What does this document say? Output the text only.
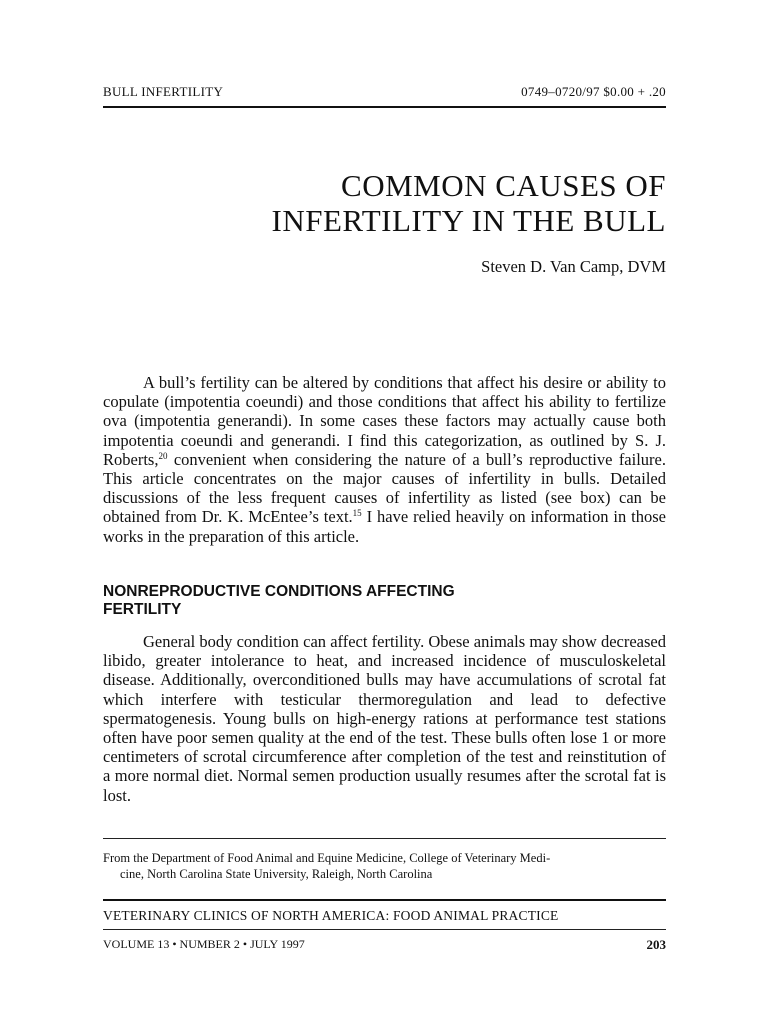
BULL INFERTILITY	0749–0720/97 $0.00 + .20
COMMON CAUSES OF
INFERTILITY IN THE BULL
Steven D. Van Camp, DVM

A bull’s fertility can be altered by conditions that affect his desire or ability to copulate (impotentia coeundi) and those conditions that affect his ability to fertilize ova (impotentia generandi). In some cases these factors may actually cause both impotentia coeundi and generandi. I find this categorization, as outlined by S. J. Roberts,$^{20}$ convenient when considering the nature of a bull’s reproductive failure. This article concentrates on the major causes of infertility in bulls. Detailed discussions of the less frequent causes of infertility as listed (see box) can be obtained from Dr. K. McEntee’s text.$^{15}$ I have relied heavily on information in those works in the preparation of this article.

NONREPRODUCTIVE CONDITIONS AFFECTING
FERTILITY

General body condition can affect fertility. Obese animals may show decreased libido, greater intolerance to heat, and increased incidence of musculoskeletal disease. Additionally, overconditioned bulls may have accumulations of scrotal fat which interfere with testicular thermoregulation and lead to defective spermatogenesis. Young bulls on high-energy rations at performance test stations often have poor semen quality at the end of the test. These bulls often lose 1 or more centimeters of scrotal circumference after completion of the test and reinstitution of a more normal diet. Normal semen production usually resumes after the scrotal fat is lost.

From the Department of Food Animal and Equine Medicine, College of Veterinary Medi-
cine, North Carolina State University, Raleigh, North Carolina
VETERINARY CLINICS OF NORTH AMERICA: FOOD ANIMAL PRACTICE
VOLUME 13 • NUMBER 2 • JULY 1997	203
